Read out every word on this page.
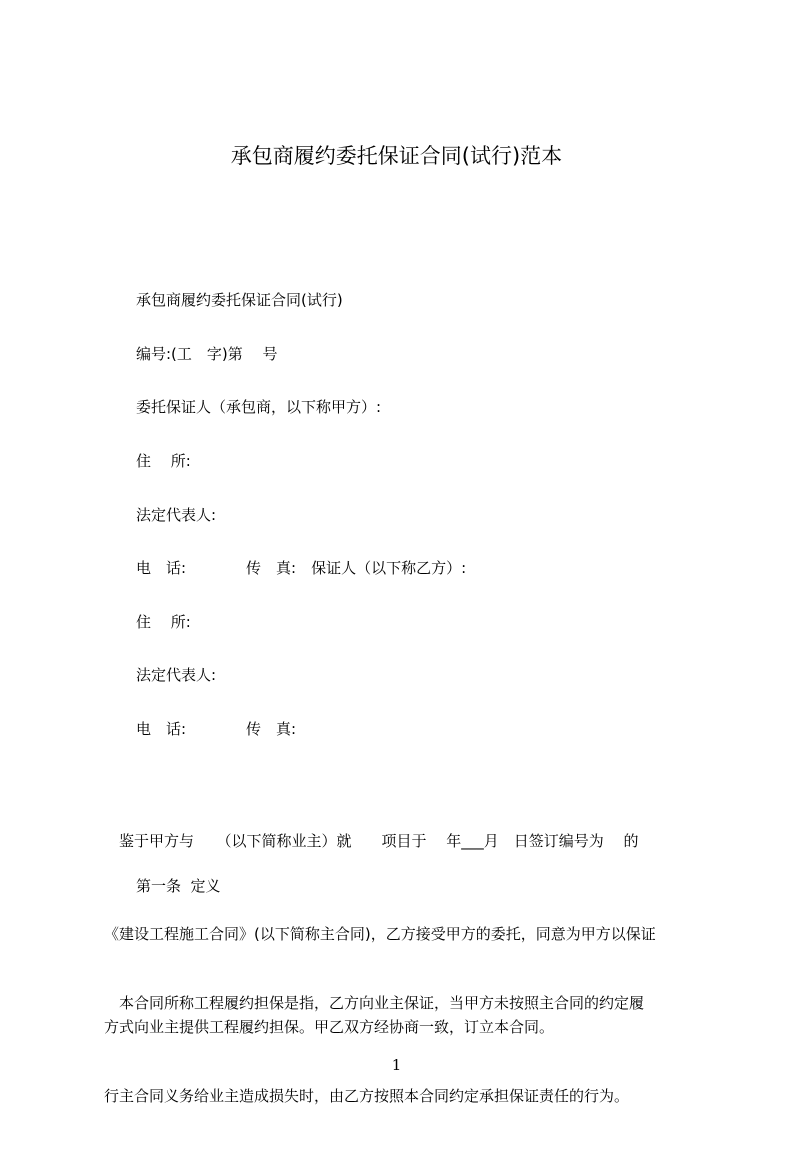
承包商履约委托保证合同(试行)范本
承包商履约委托保证合同(试行)
编号:(工　字)第　 号
委托保证人（承包商，以下称甲方）:
住　 所:
法定代表人:
电　话:　　　　传　真:　保证人（以下称乙方）:
住　 所:
法定代表人:
电　话:　　　　传　真:

　鉴于甲方与　　（以下简称业主）就　　项目于　 年___月　日签订编号为　 的

《建设工程施工合同》(以下简称主合同)，乙方接受甲方的委托，同意为甲方以保证

方式向业主提供工程履约担保。甲乙双方经协商一致，订立本合同。

第一条  定义

　本合同所称工程履约担保是指，乙方向业主保证，当甲方未按照主合同的约定履

行主合同义务给业主造成损失时，由乙方按照本合同约定承担保证责任的行为。

1
